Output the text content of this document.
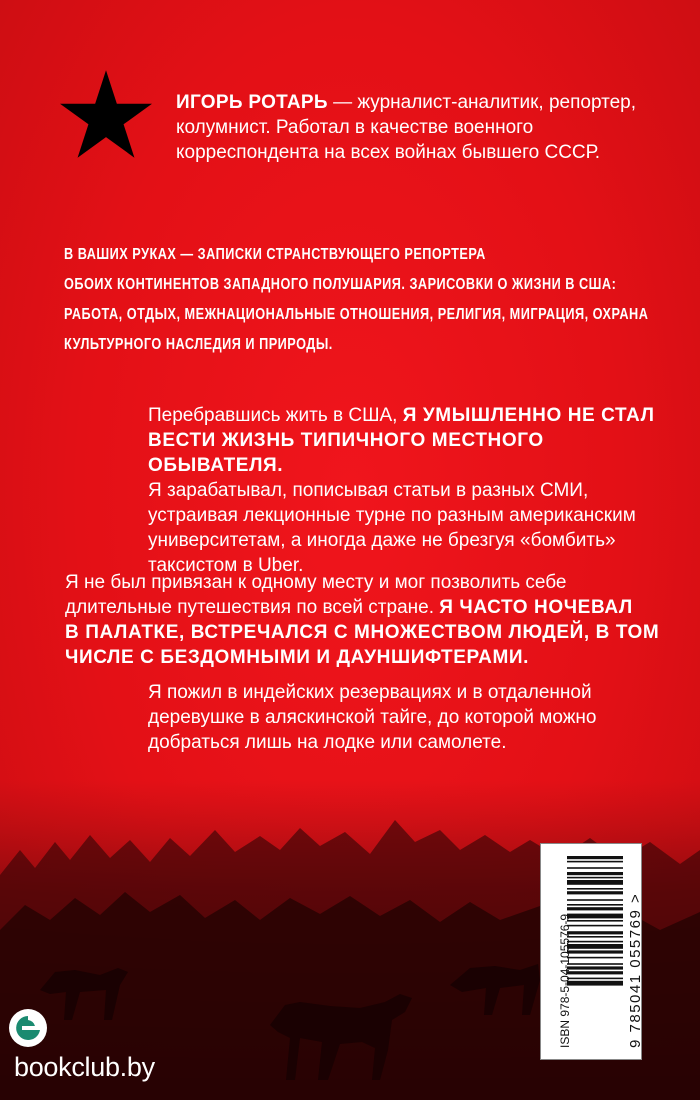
ИГОРЬ РОТАРЬ — журналист-аналитик, репортер,
колумнист. Работал в качестве военного
корреспондента на всех войнах бывшего СССР.
В ВАШИХ РУКАХ — ЗАПИСКИ СТРАНСТВУЮЩЕГО РЕПОРТЕРА
ОБОИХ КОНТИНЕНТОВ ЗАПАДНОГО ПОЛУШАРИЯ. ЗАРИСОВКИ О ЖИЗНИ В США:
РАБОТА, ОТДЫХ, МЕЖНАЦИОНАЛЬНЫЕ ОТНОШЕНИЯ, РЕЛИГИЯ, МИГРАЦИЯ, ОХРАНА
КУЛЬТУРНОГО НАСЛЕДИЯ И ПРИРОДЫ.
Перебравшись жить в США, Я УМЫШЛЕННО НЕ СТАЛ
ВЕСТИ ЖИЗНЬ ТИПИЧНОГО МЕСТНОГО ОБЫВАТЕЛЯ.
Я зарабатывал, пописывая статьи в разных СМИ,
устраивая лекционные турне по разным американским
университетам, а иногда даже не брезгуя «бомбить»
таксистом в Uber.
Я не был привязан к одному месту и мог позволить себе
длительные путешествия по всей стране. Я ЧАСТО НОЧЕВАЛ
В ПАЛАТКЕ, ВСТРЕЧАЛСЯ С МНОЖЕСТВОМ ЛЮДЕЙ, В ТОМ
ЧИСЛЕ С БЕЗДОМНЫМИ И ДАУНШИФТЕРАМИ.
Я пожил в индейских резервациях и в отдаленной
деревушке в аляскинской тайге, до которой можно
добраться лишь на лодке или самолете.
ISBN 978-5-04-105576-9	9 785041 055769 >
bookclub.by
